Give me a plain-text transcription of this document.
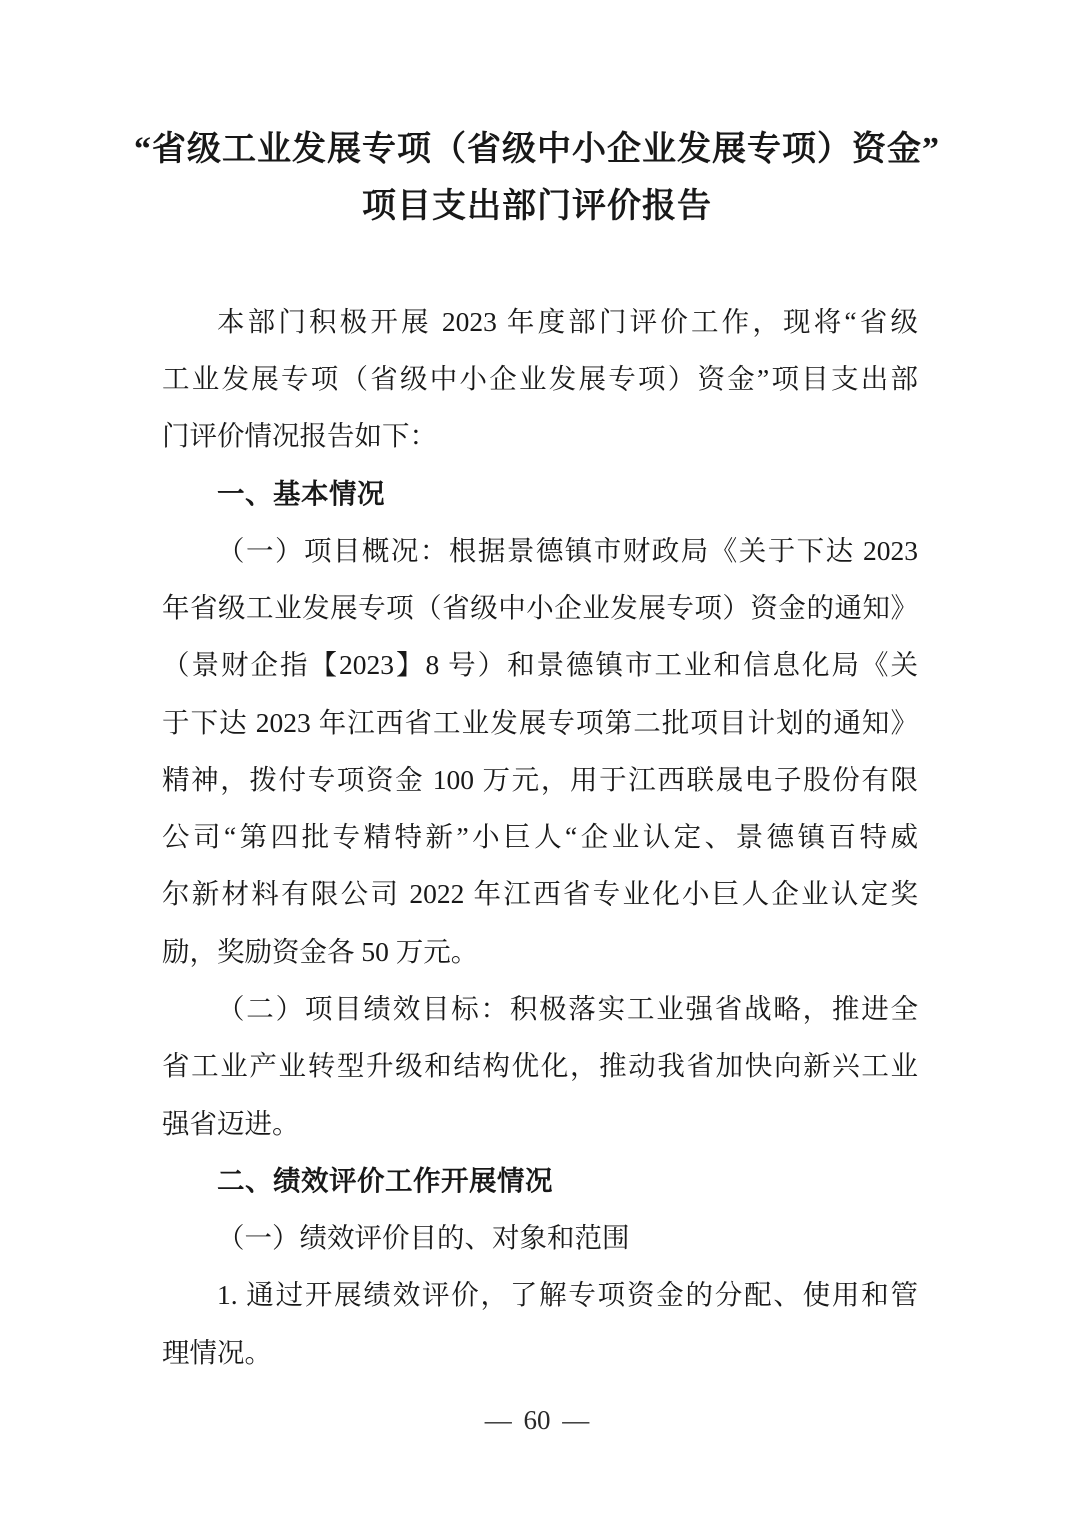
“省级工业发展专项（省级中小企业发展专项）资金”
项目支出部门评价报告
本部门积极开展 2023 年度部门评价工作，现将“省级
工业发展专项（省级中小企业发展专项）资金”项目支出部
门评价情况报告如下：
一、基本情况
（一）项目概况：根据景德镇市财政局《关于下达 2023
年省级工业发展专项（省级中小企业发展专项）资金的通知》
（景财企指【2023】8 号）和景德镇市工业和信息化局《关
于下达 2023 年江西省工业发展专项第二批项目计划的通知》
精神，拨付专项资金 100 万元，用于江西联晟电子股份有限
公司“第四批专精特新”小巨人“企业认定、景德镇百特威
尔新材料有限公司 2022 年江西省专业化小巨人企业认定奖
励，奖励资金各 50 万元。
（二）项目绩效目标：积极落实工业强省战略，推进全
省工业产业转型升级和结构优化，推动我省加快向新兴工业
强省迈进。
二、绩效评价工作开展情况
（一）绩效评价目的、对象和范围
1. 通过开展绩效评价，了解专项资金的分配、使用和管
理情况。
— 60 —
